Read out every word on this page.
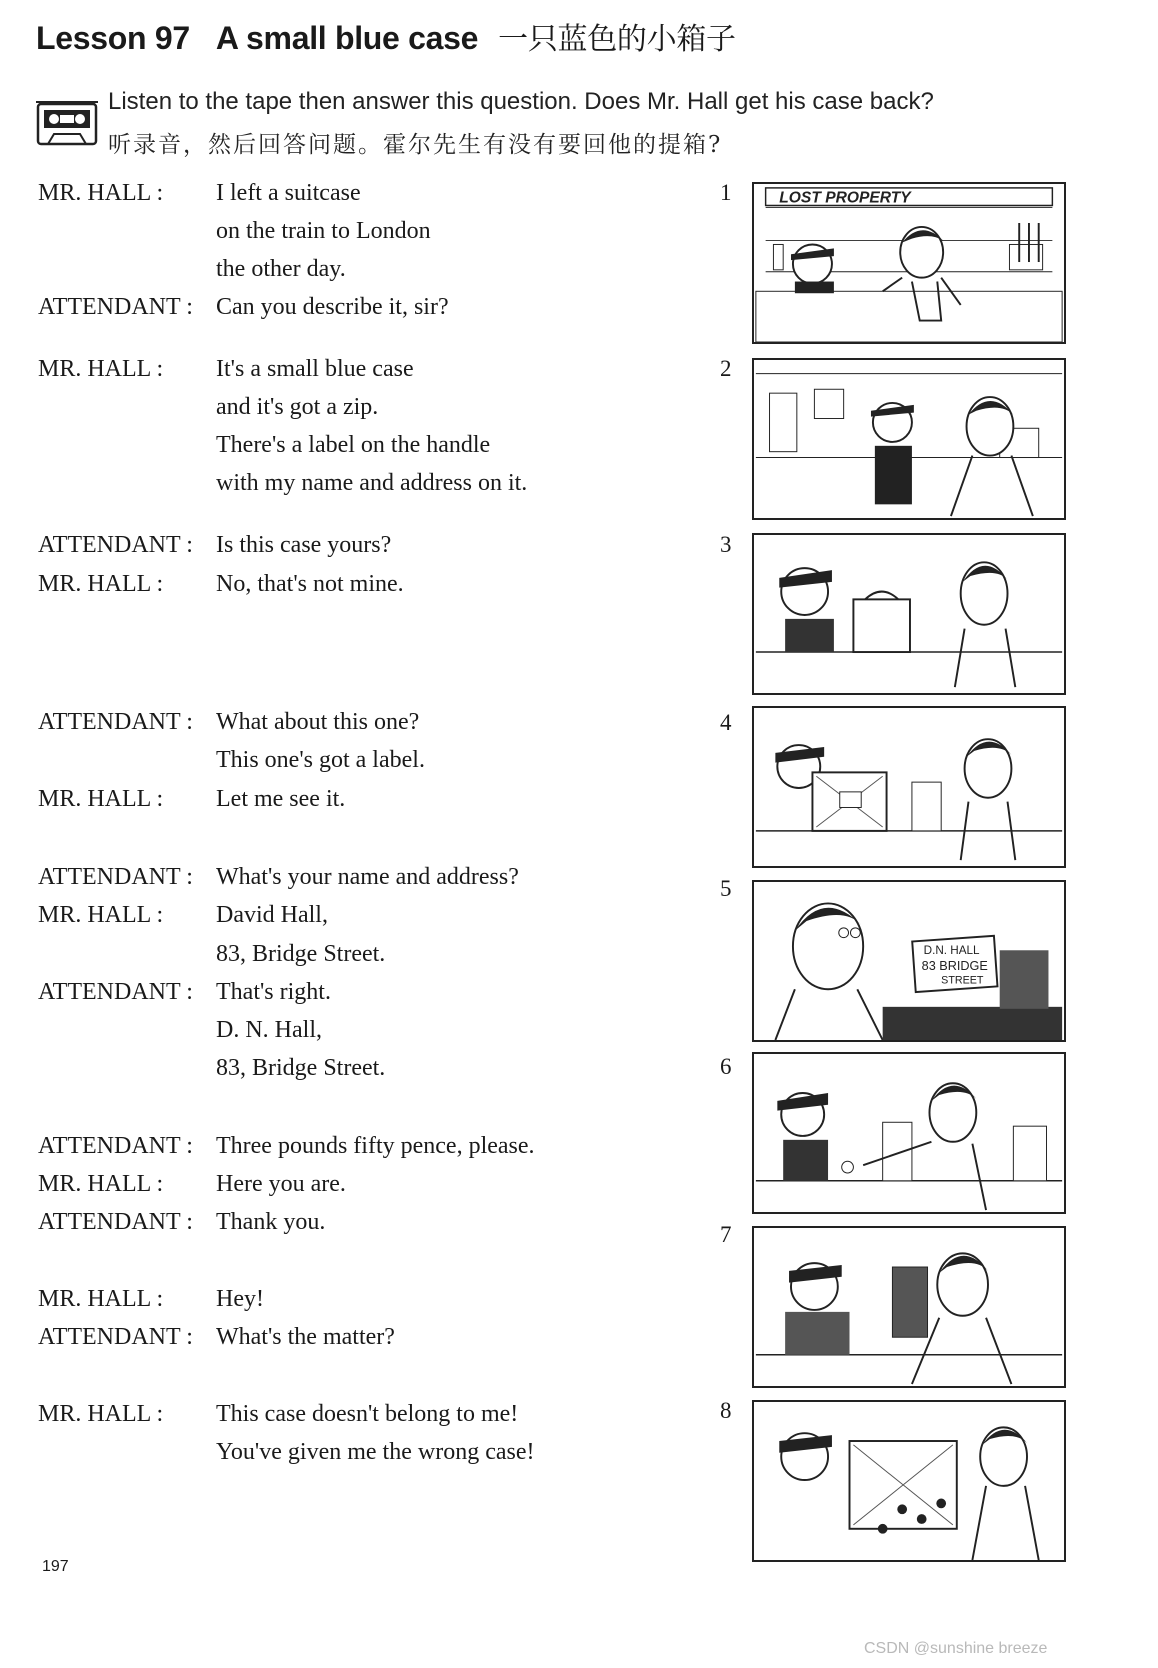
Lesson 97 A small blue case 一只蓝色的小箱子
Listen to the tape then answer this question. Does Mr. Hall get his case back?
听录音，然后回答问题。霍尔先生有没有要回他的提箱?
MR. HALL : I left a suitcase
on the train to London
the other day.
ATTENDANT : Can you describe it, sir?
MR. HALL : It's a small blue case
and it's got a zip.
There's a label on the handle
with my name and address on it.
ATTENDANT : Is this case yours?
MR. HALL : No, that's not mine.
ATTENDANT : What about this one?
This one's got a label.
MR. HALL : Let me see it.
ATTENDANT : What's your name and address?
MR. HALL : David Hall,
83, Bridge Street.
ATTENDANT : That's right.
D. N. Hall,
83, Bridge Street.
ATTENDANT : Three pounds fifty pence, please.
MR. HALL : Here you are.
ATTENDANT : Thank you.
MR. HALL : Hey!
ATTENDANT : What's the matter?
MR. HALL : This case doesn't belong to me!
You've given me the wrong case!
1
2
3
4
5
6
7
8
LOST PROPERTY
D.N. HALL
83 BRIDGE
STREET
197
CSDN @sunshine breeze
